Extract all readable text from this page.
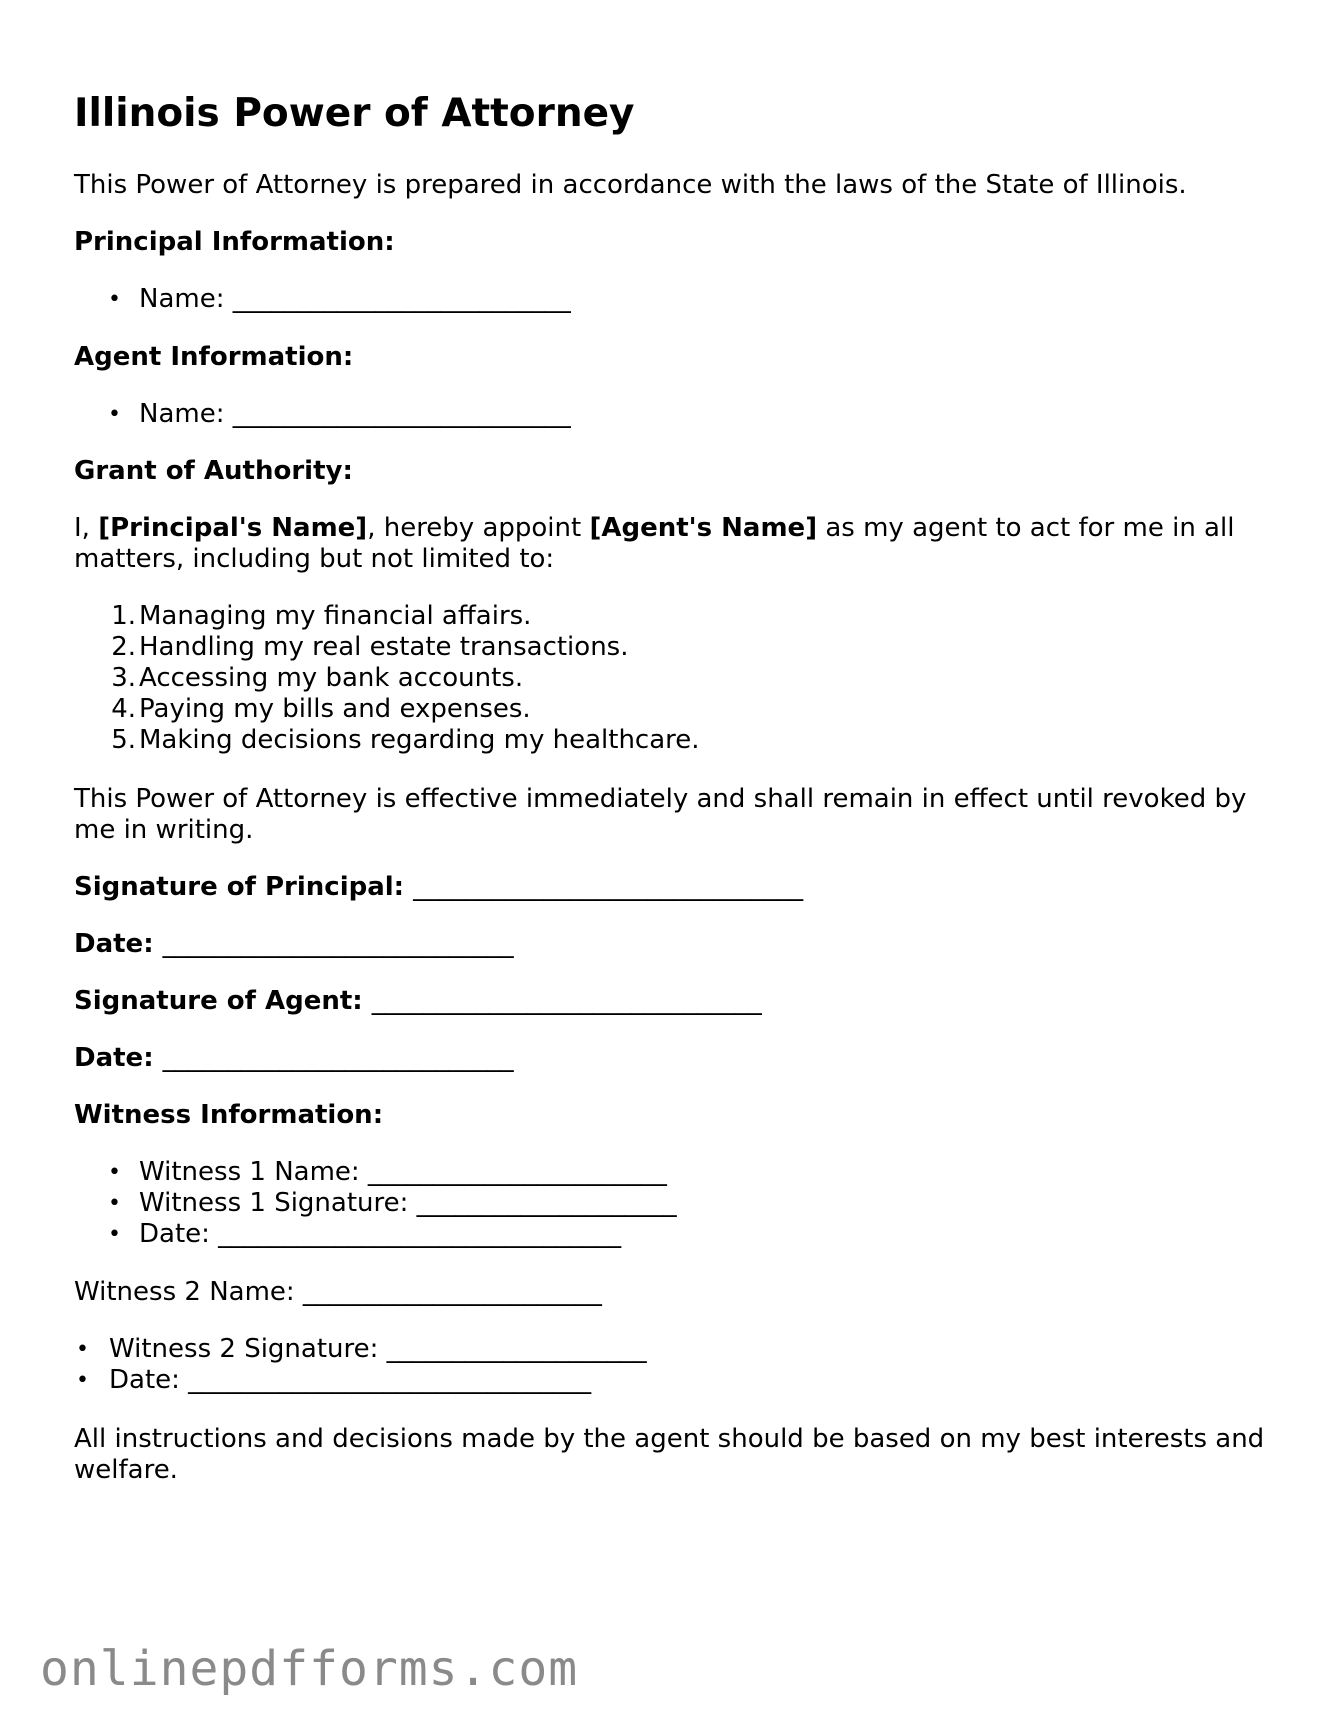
Illinois Power of Attorney
This Power of Attorney is prepared in accordance with the laws of the State of Illinois.
Principal Information:
• Name: __________________________
Agent Information:
• Name: __________________________
Grant of Authority:
I, [Principal's Name], hereby appoint [Agent's Name] as my agent to act for me in all matters, including but not limited to:
1. Managing my financial affairs.
2. Handling my real estate transactions.
3. Accessing my bank accounts.
4. Paying my bills and expenses.
5. Making decisions regarding my healthcare.
This Power of Attorney is effective immediately and shall remain in effect until revoked by me in writing.
Signature of Principal: ______________________________
Date: ___________________________
Signature of Agent: ______________________________
Date: ___________________________
Witness Information:
• Witness 1 Name: _______________________
• Witness 1 Signature: ____________________
• Date: _______________________________
Witness 2 Name: _______________________
• Witness 2 Signature: ____________________
• Date: _______________________________
All instructions and decisions made by the agent should be based on my best interests and welfare.
onlinepdfforms.com
